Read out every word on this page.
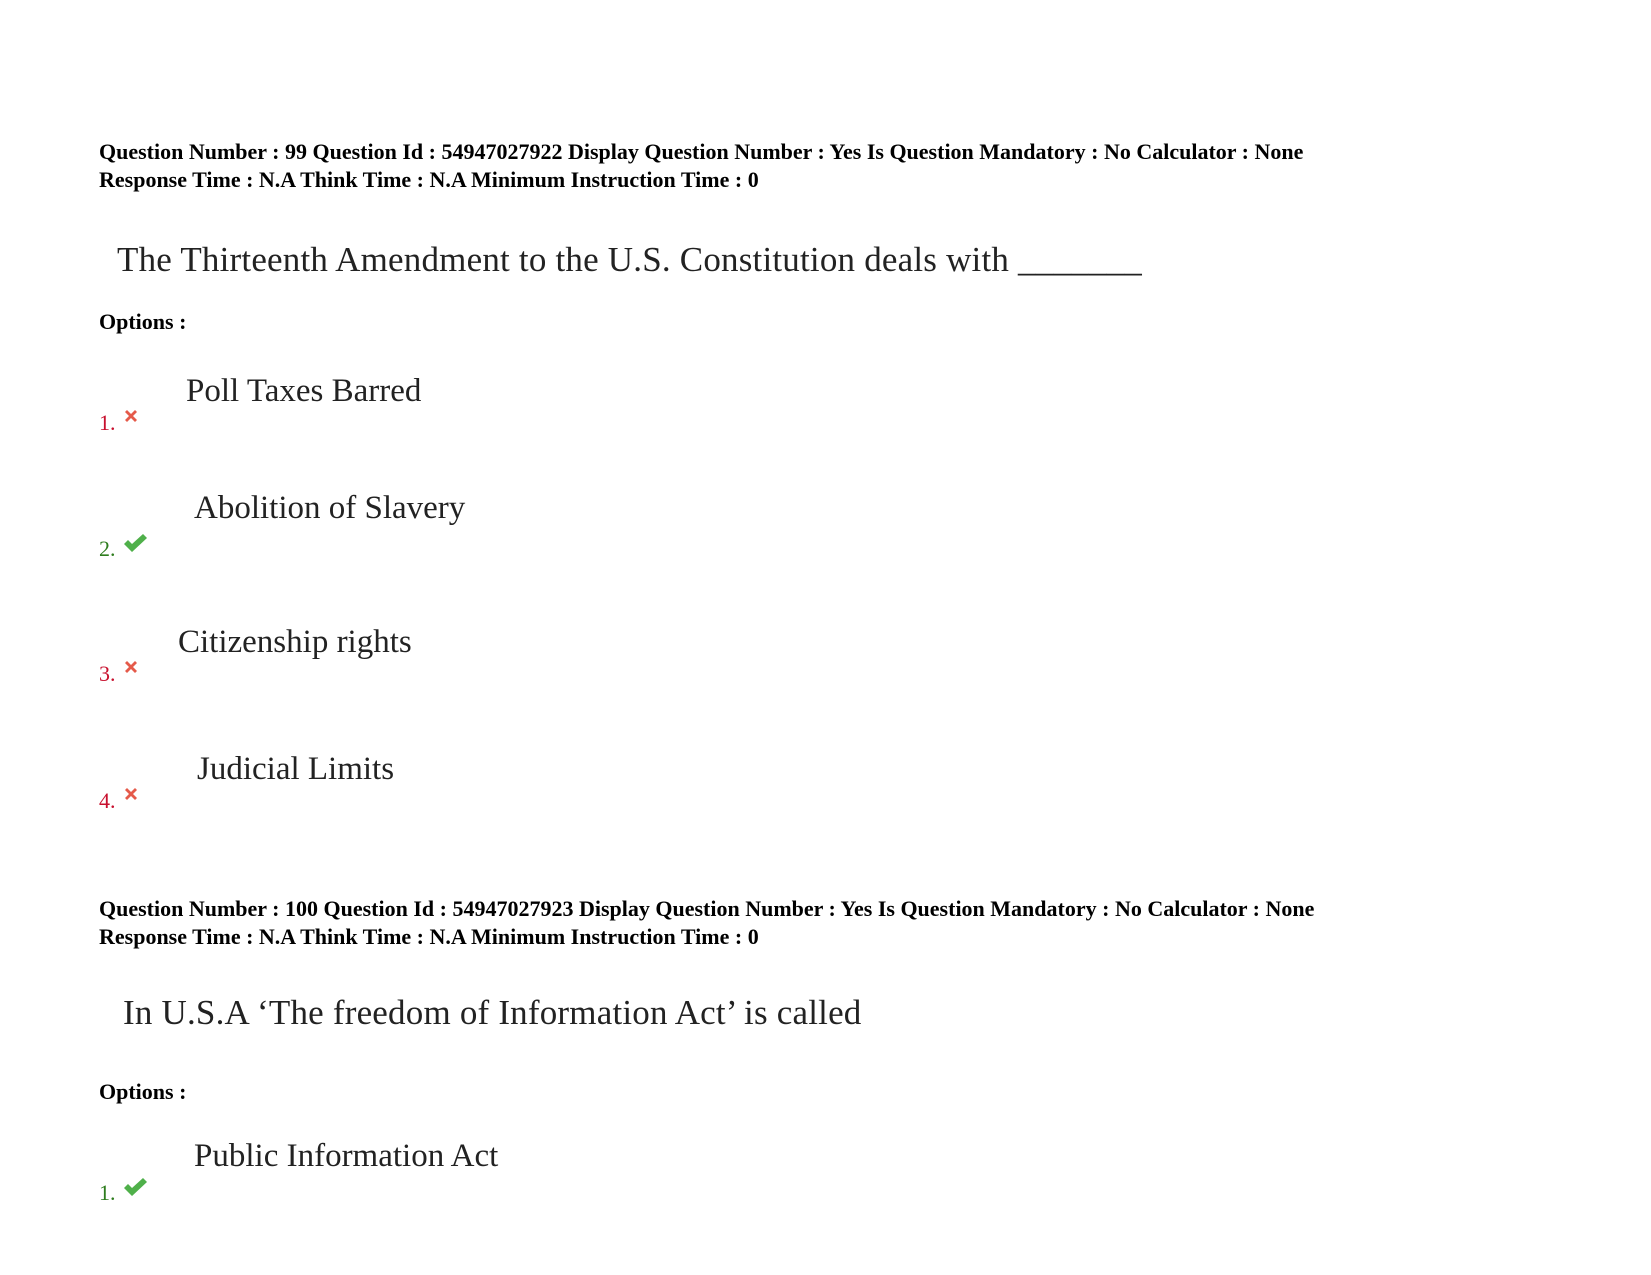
Question Number : 99 Question Id : 54947027922 Display Question Number : Yes Is Question Mandatory : No Calculator : None
Response Time : N.A Think Time : N.A Minimum Instruction Time : 0
The Thirteenth Amendment to the U.S. Constitution deals with _______
Options :
Poll Taxes Barred
1.
Abolition of Slavery
2.
Citizenship rights
3.
Judicial Limits
4.
Question Number : 100 Question Id : 54947027923 Display Question Number : Yes Is Question Mandatory : No Calculator : None
Response Time : N.A Think Time : N.A Minimum Instruction Time : 0
In U.S.A ‘The freedom of Information Act’ is called
Options :
Public Information Act
1.
